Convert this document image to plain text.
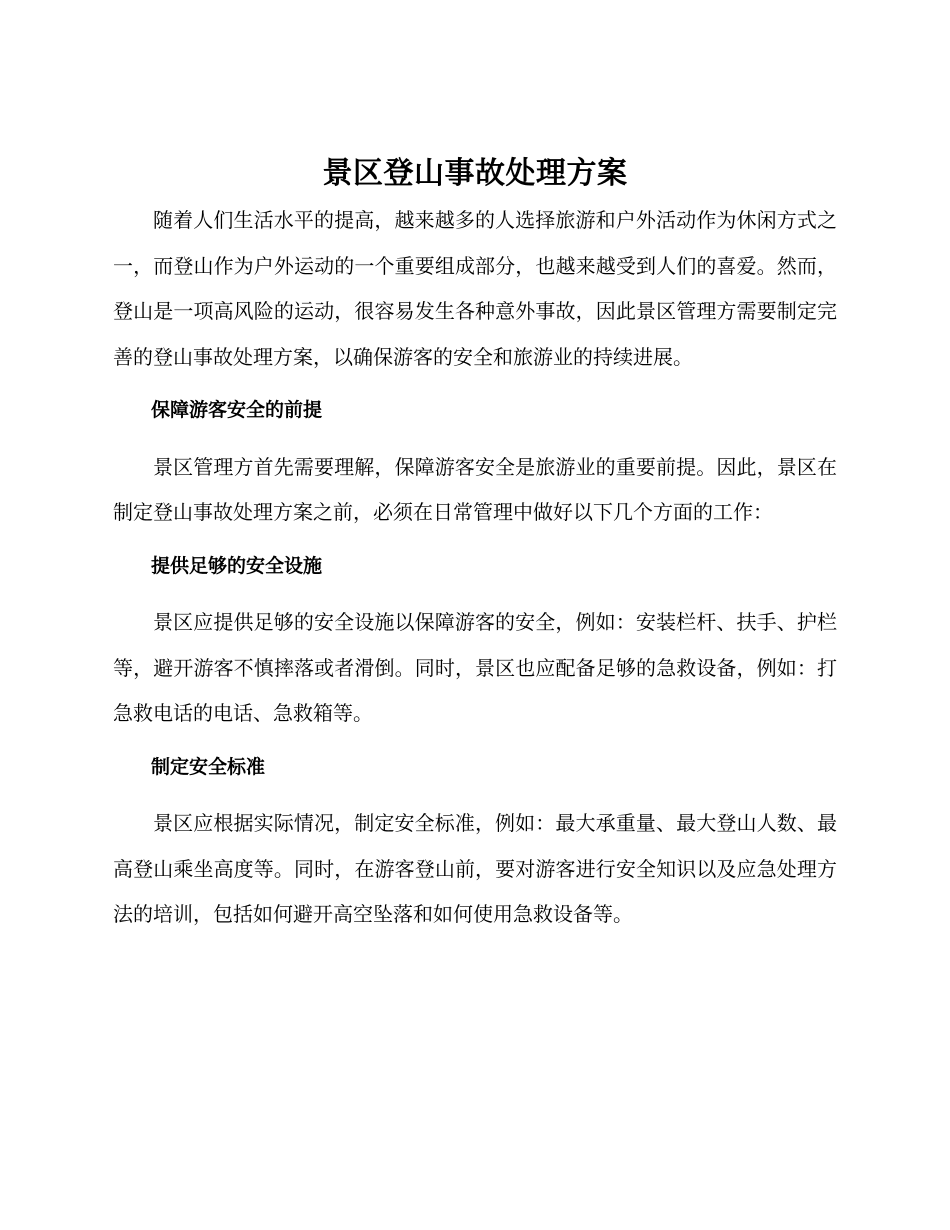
景区登山事故处理方案

随着人们生活水平的提高，越来越多的人选择旅游和户外活动作为休闲方式之一，而登山作为户外运动的一个重要组成部分，也越来越受到人们的喜爱。然而，登山是一项高风险的运动，很容易发生各种意外事故，因此景区管理方需要制定完善的登山事故处理方案，以确保游客的安全和旅游业的持续进展。

保障游客安全的前提

景区管理方首先需要理解，保障游客安全是旅游业的重要前提。因此，景区在制定登山事故处理方案之前，必须在日常管理中做好以下几个方面的工作：

提供足够的安全设施

景区应提供足够的安全设施以保障游客的安全，例如：安装栏杆、扶手、护栏等，避开游客不慎摔落或者滑倒。同时，景区也应配备足够的急救设备，例如：打急救电话的电话、急救箱等。

制定安全标准

景区应根据实际情况，制定安全标准，例如：最大承重量、最大登山人数、最高登山乘坐高度等。同时，在游客登山前，要对游客进行安全知识以及应急处理方法的培训，包括如何避开高空坠落和如何使用急救设备等。
